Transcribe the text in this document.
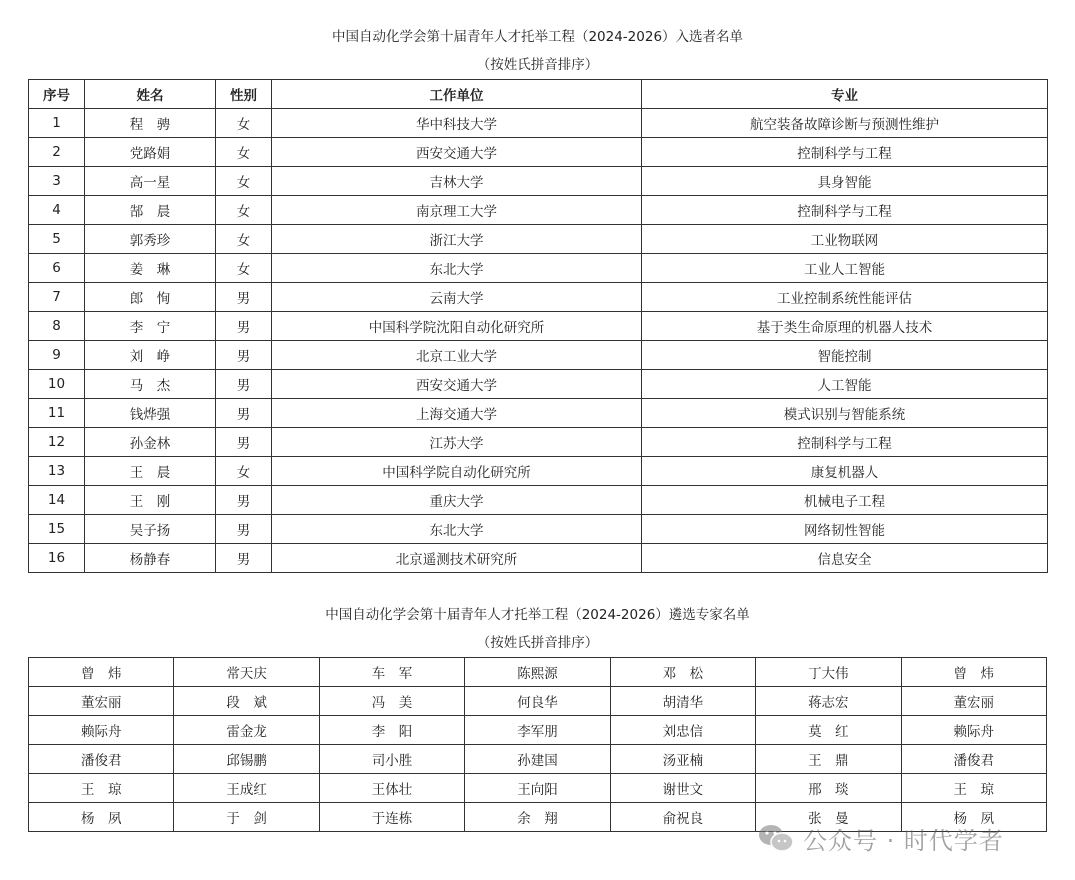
中国自动化学会第十届青年人才托举工程（2024-2026）入选者名单
（按姓氏拼音排序）
序号	姓名	性别	工作单位	专业
1	程　骋	女	华中科技大学	航空装备故障诊断与预测性维护
2	党路娟	女	西安交通大学	控制科学与工程
3	高一星	女	吉林大学	具身智能
4	郜　晨	女	南京理工大学	控制科学与工程
5	郭秀珍	女	浙江大学	工业物联网
6	姜　琳	女	东北大学	工业人工智能
7	郎　恂	男	云南大学	工业控制系统性能评估
8	李　宁	男	中国科学院沈阳自动化研究所	基于类生命原理的机器人技术
9	刘　峥	男	北京工业大学	智能控制
10	马　杰	男	西安交通大学	人工智能
11	钱烨强	男	上海交通大学	模式识别与智能系统
12	孙金林	男	江苏大学	控制科学与工程
13	王　晨	女	中国科学院自动化研究所	康复机器人
14	王　刚	男	重庆大学	机械电子工程
15	吴子扬	男	东北大学	网络韧性智能
16	杨静春	男	北京遥测技术研究所	信息安全
中国自动化学会第十届青年人才托举工程（2024-2026）遴选专家名单
（按姓氏拼音排序）
曾　炜	常天庆	车　军	陈熙源	邓　松	丁大伟	曾　炜
董宏丽	段　斌	冯　美	何良华	胡清华	蒋志宏	董宏丽
赖际舟	雷金龙	李　阳	李军朋	刘忠信	莫　红	赖际舟
潘俊君	邱锡鹏	司小胜	孙建国	汤亚楠	王　鼎	潘俊君
王　琼	王成红	王体壮	王向阳	谢世文	邢　琰	王　琼
杨　夙	于　剑	于连栋	余　翔	俞祝良	张　曼	杨　夙
公众号 · 时代学者
